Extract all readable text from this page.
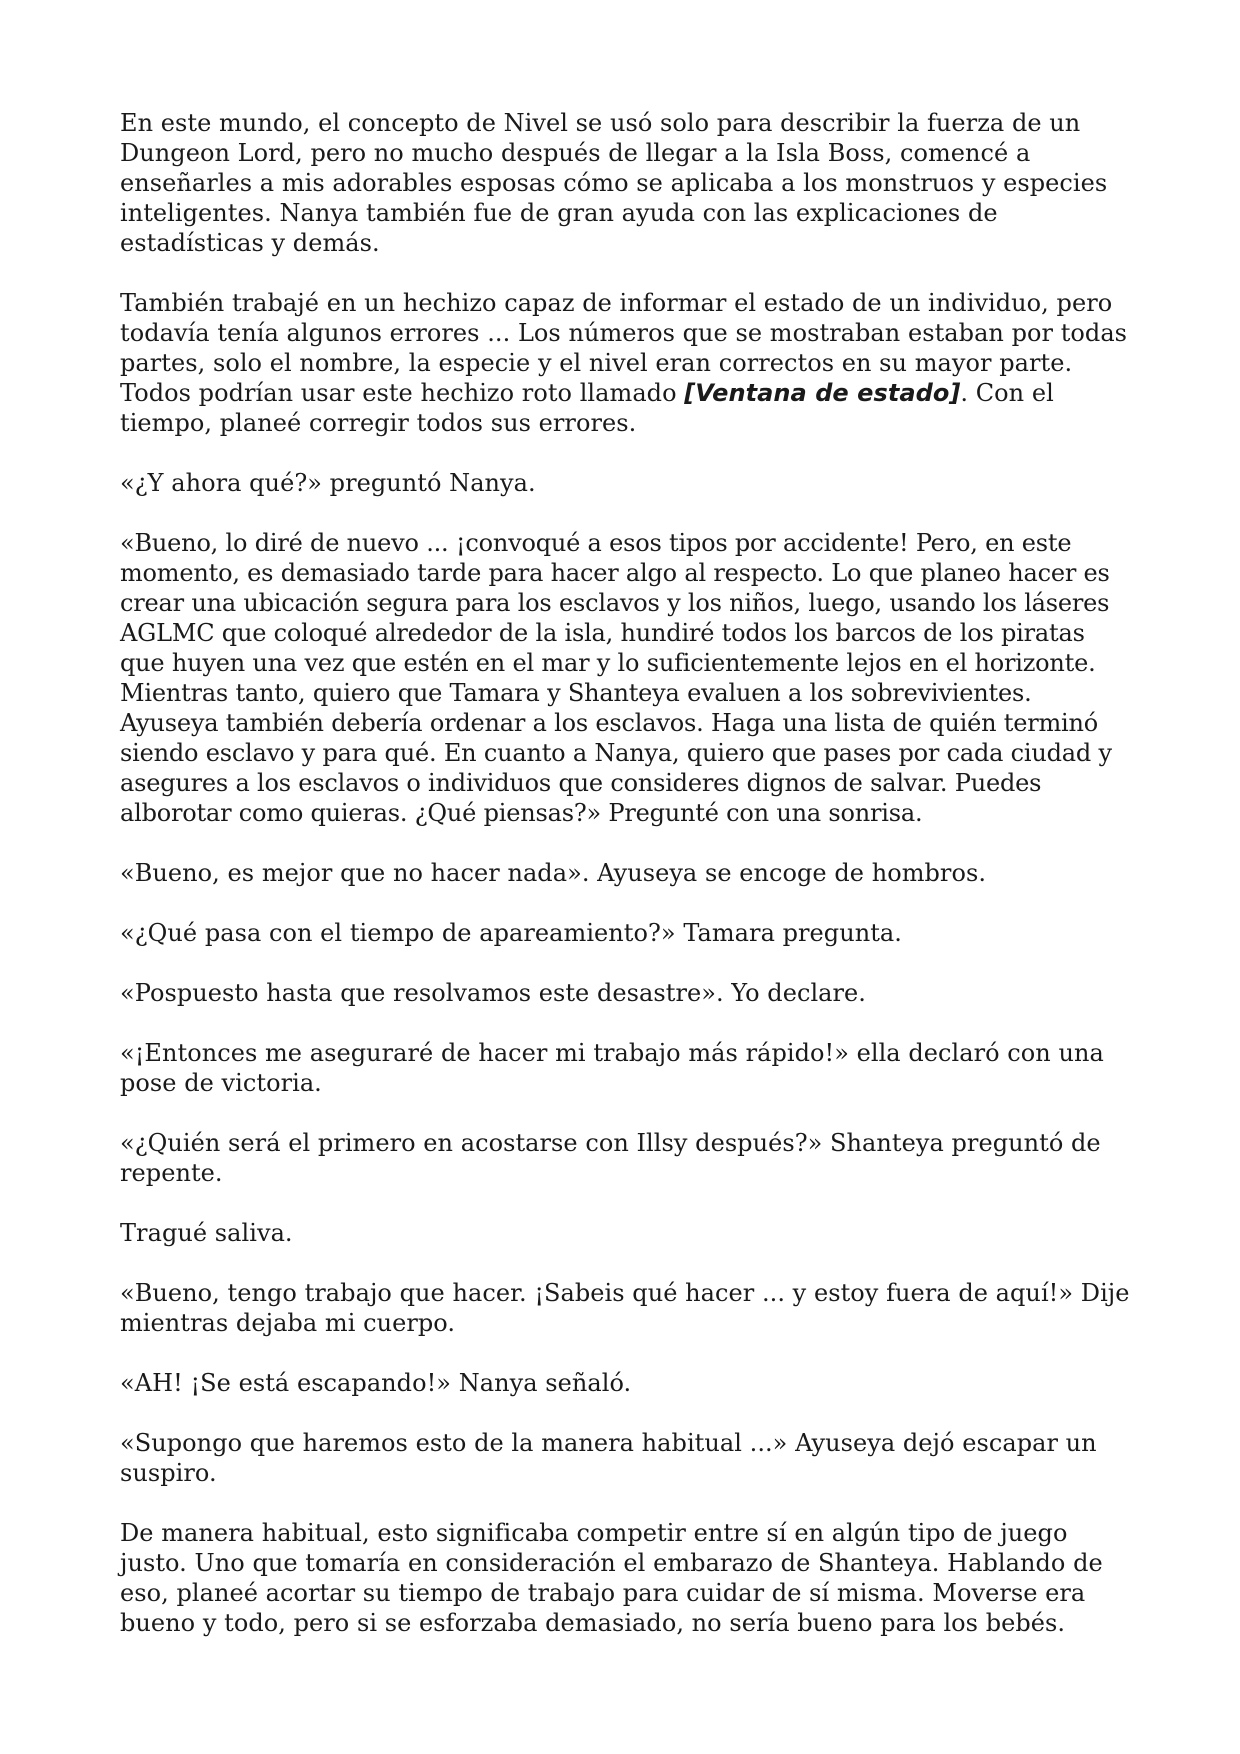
En este mundo, el concepto de Nivel se usó solo para describir la fuerza de un Dungeon Lord, pero no mucho después de llegar a la Isla Boss, comencé a enseñarles a mis adorables esposas cómo se aplicaba a los monstruos y especies inteligentes. Nanya también fue de gran ayuda con las explicaciones de estadísticas y demás.

También trabajé en un hechizo capaz de informar el estado de un individuo, pero todavía tenía algunos errores ... Los números que se mostraban estaban por todas partes, solo el nombre, la especie y el nivel eran correctos en su mayor parte. Todos podrían usar este hechizo roto llamado [Ventana de estado]. Con el tiempo, planeé corregir todos sus errores.

«¿Y ahora qué?» preguntó Nanya.

«Bueno, lo diré de nuevo ... ¡convoqué a esos tipos por accidente! Pero, en este momento, es demasiado tarde para hacer algo al respecto. Lo que planeo hacer es crear una ubicación segura para los esclavos y los niños, luego, usando los láseres AGLMC que coloqué alrededor de la isla, hundiré todos los barcos de los piratas que huyen una vez que estén en el mar y lo suficientemente lejos en el horizonte. Mientras tanto, quiero que Tamara y Shanteya evaluen a los sobrevivientes. Ayuseya también debería ordenar a los esclavos. Haga una lista de quién terminó siendo esclavo y para qué. En cuanto a Nanya, quiero que pases por cada ciudad y asegures a los esclavos o individuos que consideres dignos de salvar. Puedes alborotar como quieras. ¿Qué piensas?» Pregunté con una sonrisa.

«Bueno, es mejor que no hacer nada». Ayuseya se encoge de hombros.

«¿Qué pasa con el tiempo de apareamiento?» Tamara pregunta.

«Pospuesto hasta que resolvamos este desastre». Yo declare.

«¡Entonces me aseguraré de hacer mi trabajo más rápido!» ella declaró con una pose de victoria.

«¿Quién será el primero en acostarse con Illsy después?» Shanteya preguntó de repente.

Tragué saliva.

«Bueno, tengo trabajo que hacer. ¡Sabeis qué hacer ... y estoy fuera de aquí!» Dije mientras dejaba mi cuerpo.

«AH! ¡Se está escapando!» Nanya señaló.

«Supongo que haremos esto de la manera habitual ...» Ayuseya dejó escapar un suspiro.

De manera habitual, esto significaba competir entre sí en algún tipo de juego justo. Uno que tomaría en consideración el embarazo de Shanteya. Hablando de eso, planeé acortar su tiempo de trabajo para cuidar de sí misma. Moverse era bueno y todo, pero si se esforzaba demasiado, no sería bueno para los bebés.
